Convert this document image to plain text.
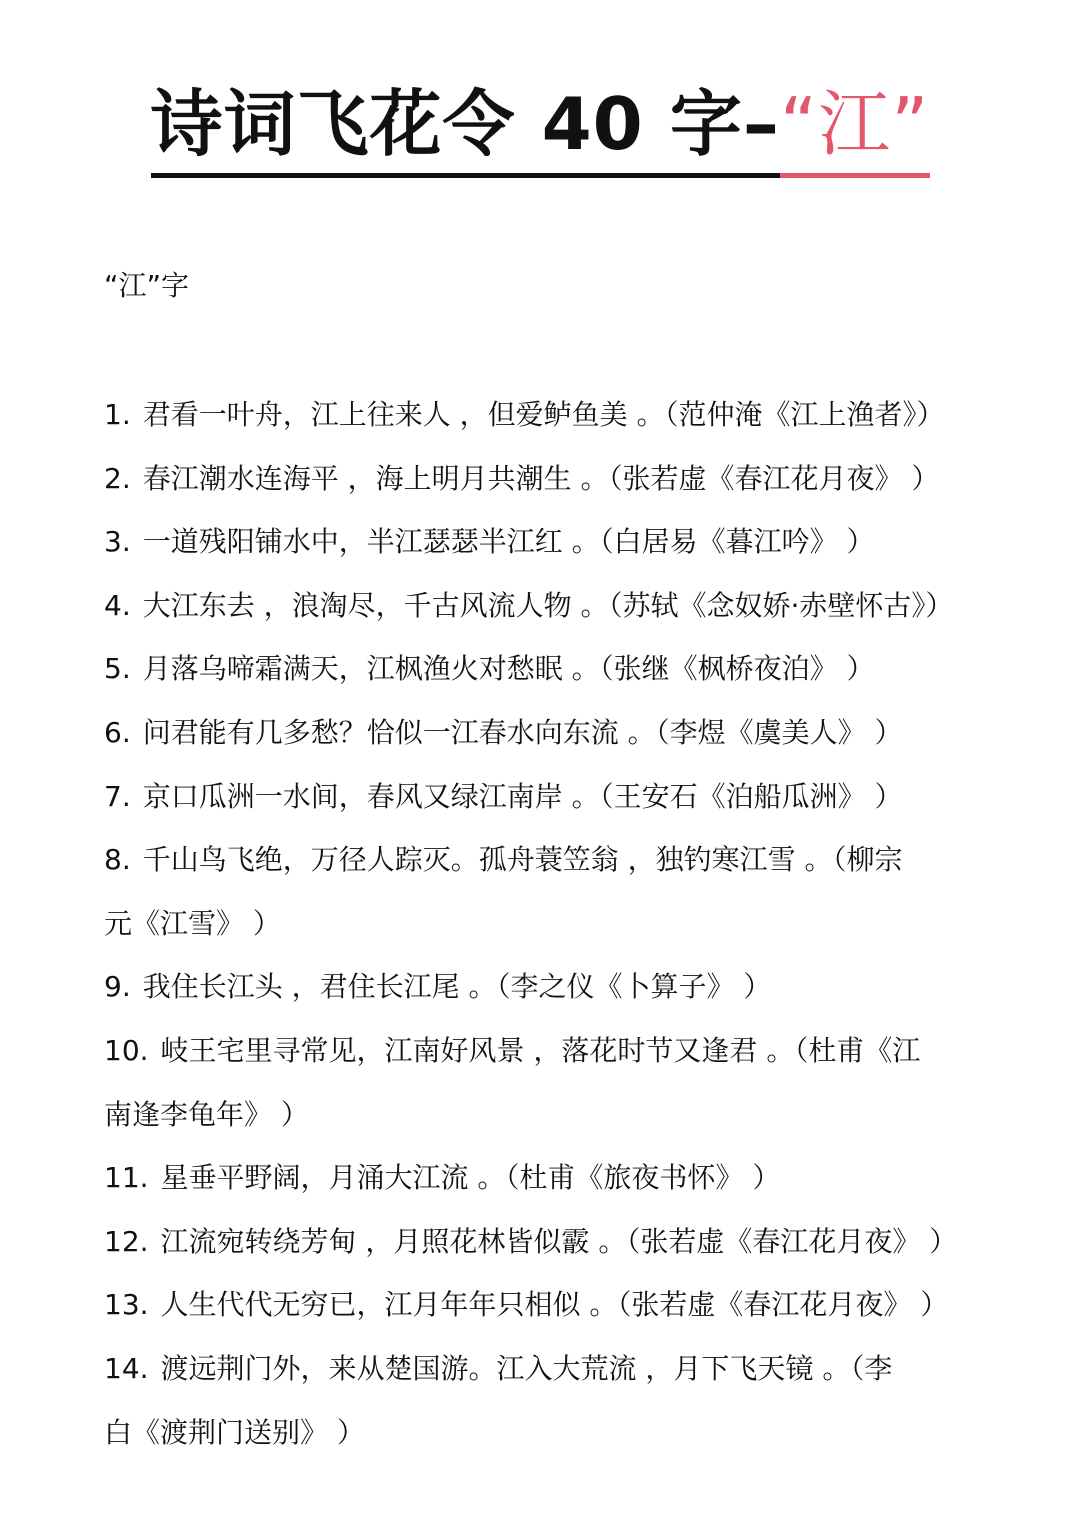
诗词飞花令 40 字–“江”
“江”字
1. 君看一叶舟，江上往来人 ，但爱鲈鱼美 。（范仲淹《江上渔者》）
2. 春江潮水连海平 ，海上明月共潮生 。（张若虚《春江花月夜》 ）
3. 一道残阳铺水中，半江瑟瑟半江红 。（白居易《暮江吟》 ）
4. 大江东去 ，浪淘尽，千古风流人物 。（苏轼《念奴娇·赤壁怀古》）
5. 月落乌啼霜满天，江枫渔火对愁眠 。（张继《枫桥夜泊》 ）
6. 问君能有几多愁？恰似一江春水向东流 。（李煜《虞美人》 ）
7. 京口瓜洲一水间，春风又绿江南岸 。（王安石《泊船瓜洲》 ）
8. 千山鸟飞绝，万径人踪灭。孤舟蓑笠翁 ，独钓寒江雪 。（柳宗
元《江雪》 ）
9. 我住长江头 ，君住长江尾 。（李之仪《卜算子》 ）
10. 岐王宅里寻常见，江南好风景 ，落花时节又逢君 。（杜甫《江
南逢李龟年》 ）
11. 星垂平野阔，月涌大江流 。（杜甫《旅夜书怀》 ）
12. 江流宛转绕芳甸 ，月照花林皆似霰 。（张若虚《春江花月夜》 ）
13. 人生代代无穷已，江月年年只相似 。（张若虚《春江花月夜》 ）
14. 渡远荆门外，来从楚国游。江入大荒流 ，月下飞天镜 。（李
白《渡荆门送别》 ）
